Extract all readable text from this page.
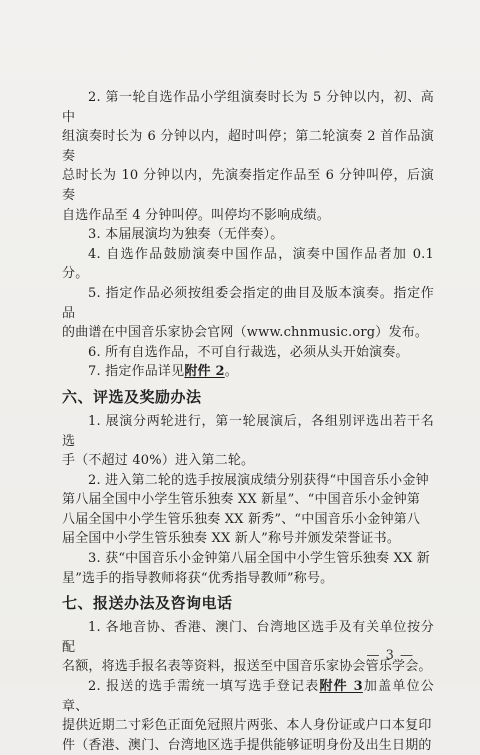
2. 第一轮自选作品小学组演奏时长为 5 分钟以内，初、高中

组演奏时长为 6 分钟以内，超时叫停；第二轮演奏 2 首作品演奏

总时长为 10 分钟以内，先演奏指定作品至 6 分钟叫停，后演奏

自选作品至 4 分钟叫停。叫停均不影响成绩。

3. 本届展演均为独奏（无伴奏）。

4. 自选作品鼓励演奏中国作品，演奏中国作品者加 0.1 分。

5. 指定作品必须按组委会指定的曲目及版本演奏。指定作品

的曲谱在中国音乐家协会官网（www.chnmusic.org）发布。

6. 所有自选作品，不可自行裁选，必须从头开始演奏。

7. 指定作品详见附件 2。

六、评选及奖励办法

1. 展演分两轮进行，第一轮展演后，各组别评选出若干名选

手（不超过 40%）进入第二轮。

2. 进入第二轮的选手按展演成绩分别获得“中国音乐小金钟

第八届全国中小学生管乐独奏 XX 新星”、“中国音乐小金钟第

八届全国中小学生管乐独奏 XX 新秀”、“中国音乐小金钟第八

届全国中小学生管乐独奏 XX 新人”称号并颁发荣誉证书。

3. 获“中国音乐小金钟第八届全国中小学生管乐独奏 XX 新

星”选手的指导教师将获“优秀指导教师”称号。

七、报送办法及咨询电话

1. 各地音协、香港、澳门、台湾地区选手及有关单位按分配

名额，将选手报名表等资料，报送至中国音乐家协会管乐学会。

2. 报送的选手需统一填写选手登记表附件 3加盖单位公章、

提供近期二寸彩色正面免冠照片两张、本人身份证或户口本复印

件（香港、澳门、台湾地区选手提供能够证明身份及出生日期的

— 3 —
